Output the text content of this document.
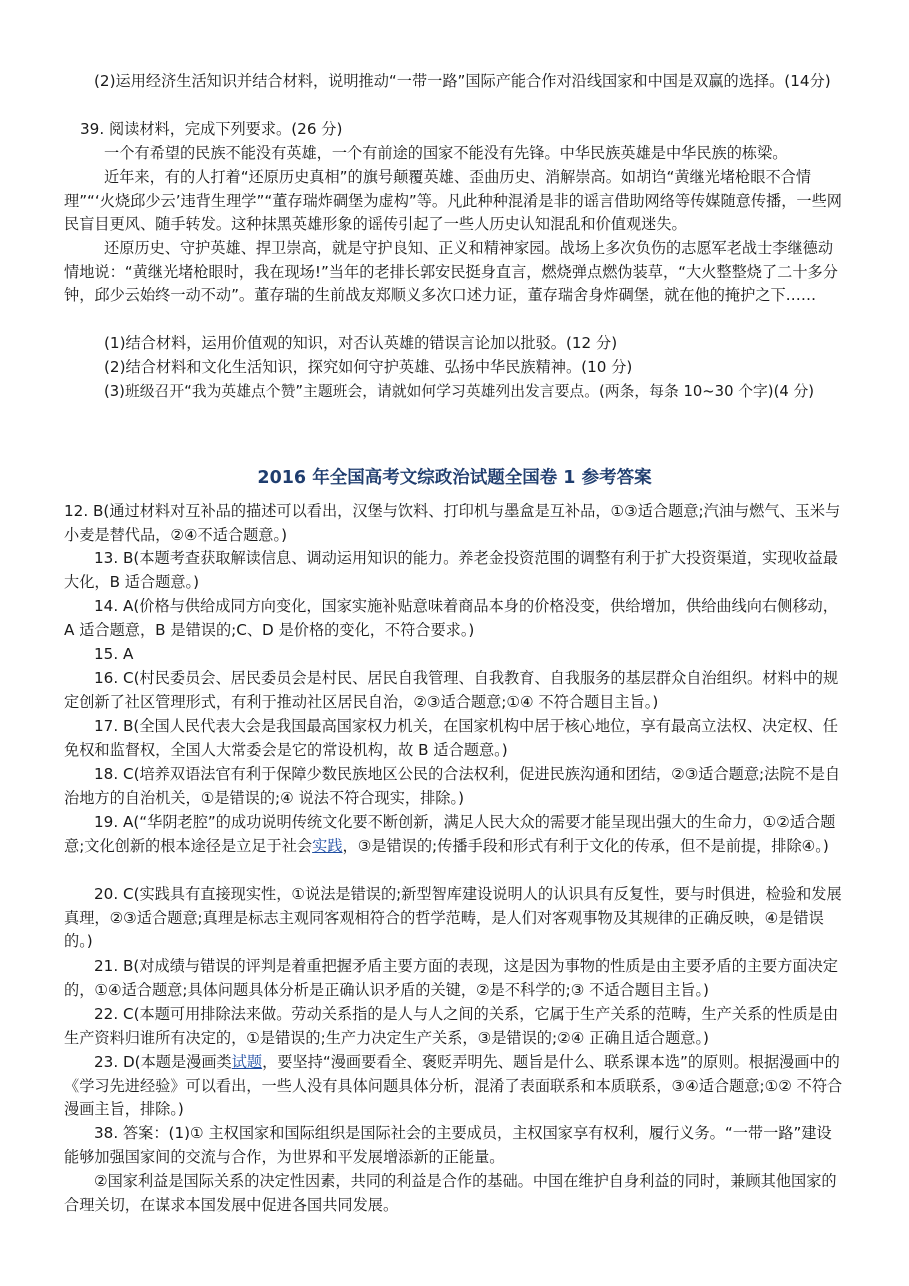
(2)运用经济生活知识并结合材料，说明推动“一带一路”国际产能合作对沿线国家和中国是双赢的选择。(14分)

39. 阅读材料，完成下列要求。(26 分)

一个有希望的民族不能没有英雄，一个有前途的国家不能没有先锋。中华民族英雄是中华民族的栋梁。

近年来，有的人打着“还原历史真相”的旗号颠覆英雄、歪曲历史、消解崇高。如胡诌“黄继光堵枪眼不合情理”“‘火烧邱少云’违背生理学”“董存瑞炸碉堡为虚构”等。凡此种种混淆是非的谣言借助网络等传媒随意传播，一些网民盲目更风、随手转发。这种抹黑英雄形象的谣传引起了一些人历史认知混乱和价值观迷失。

还原历史、守护英雄、捍卫崇高，就是守护良知、正义和精神家园。战场上多次负伤的志愿军老战士李继德动情地说：“黄继光堵枪眼时，我在现场!”当年的老排长郭安民挺身直言，燃烧弹点燃伪装草，“大火整整烧了二十多分钟，邱少云始终一动不动”。董存瑞的生前战友郑顺义多次口述力证，董存瑞舍身炸碉堡，就在他的掩护之下……

(1)结合材料，运用价值观的知识，对否认英雄的错误言论加以批驳。(12 分)

(2)结合材料和文化生活知识，探究如何守护英雄、弘扬中华民族精神。(10 分)

(3)班级召开“我为英雄点个赞”主题班会，请就如何学习英雄列出发言要点。(两条，每条 10~30 个字)(4 分)

2016 年全国高考文综政治试题全国卷 1 参考答案

12. B(通过材料对互补品的描述可以看出，汉堡与饮料、打印机与墨盒是互补品，①③适合题意;汽油与燃气、玉米与小麦是替代品，②④不适合题意。)

13. B(本题考查获取解读信息、调动运用知识的能力。养老金投资范围的调整有利于扩大投资渠道，实现收益最大化，B 适合题意。)

14. A(价格与供给成同方向变化，国家实施补贴意味着商品本身的价格没变，供给增加，供给曲线向右侧移动，A 适合题意，B 是错误的;C、D 是价格的变化，不符合要求。)

15. A

16. C(村民委员会、居民委员会是村民、居民自我管理、自我教育、自我服务的基层群众自治组织。材料中的规定创新了社区管理形式，有利于推动社区居民自治，②③适合题意;①④ 不符合题目主旨。)

17. B(全国人民代表大会是我国最高国家权力机关，在国家机构中居于核心地位，享有最高立法权、决定权、任免权和监督权，全国人大常委会是它的常设机构，故 B 适合题意。)

18. C(培养双语法官有利于保障少数民族地区公民的合法权利，促进民族沟通和团结，②③适合题意;法院不是自治地方的自治机关，①是错误的;④ 说法不符合现实，排除。)

19. A(“华阴老腔”的成功说明传统文化要不断创新，满足人民大众的需要才能呈现出强大的生命力，①②适合题意;文化创新的根本途径是立足于社会实践，③是错误的;传播手段和形式有利于文化的传承，但不是前提，排除④。)

20. C(实践具有直接现实性，①说法是错误的;新型智库建设说明人的认识具有反复性，要与时俱进，检验和发展真理，②③适合题意;真理是标志主观同客观相符合的哲学范畴，是人们对客观事物及其规律的正确反映，④是错误的。)

21. B(对成绩与错误的评判是着重把握矛盾主要方面的表现，这是因为事物的性质是由主要矛盾的主要方面决定的，①④适合题意;具体问题具体分析是正确认识矛盾的关键，②是不科学的;③ 不适合题目主旨。)

22. C(本题可用排除法来做。劳动关系指的是人与人之间的关系，它属于生产关系的范畴，生产关系的性质是由生产资料归谁所有决定的，①是错误的;生产力决定生产关系，③是错误的;②④ 正确且适合题意。)

23. D(本题是漫画类试题，要坚持“漫画要看全、褒贬弄明先、题旨是什么、联系课本选”的原则。根据漫画中的《学习先进经验》可以看出，一些人没有具体问题具体分析，混淆了表面联系和本质联系，③④适合题意;①② 不符合漫画主旨，排除。)

38. 答案：(1)① 主权国家和国际组织是国际社会的主要成员，主权国家享有权利，履行义务。“一带一路”建设能够加强国家间的交流与合作，为世界和平发展增添新的正能量。

②国家利益是国际关系的决定性因素，共同的利益是合作的基础。中国在维护自身利益的同时，兼顾其他国家的合理关切，在谋求本国发展中促进各国共同发展。
